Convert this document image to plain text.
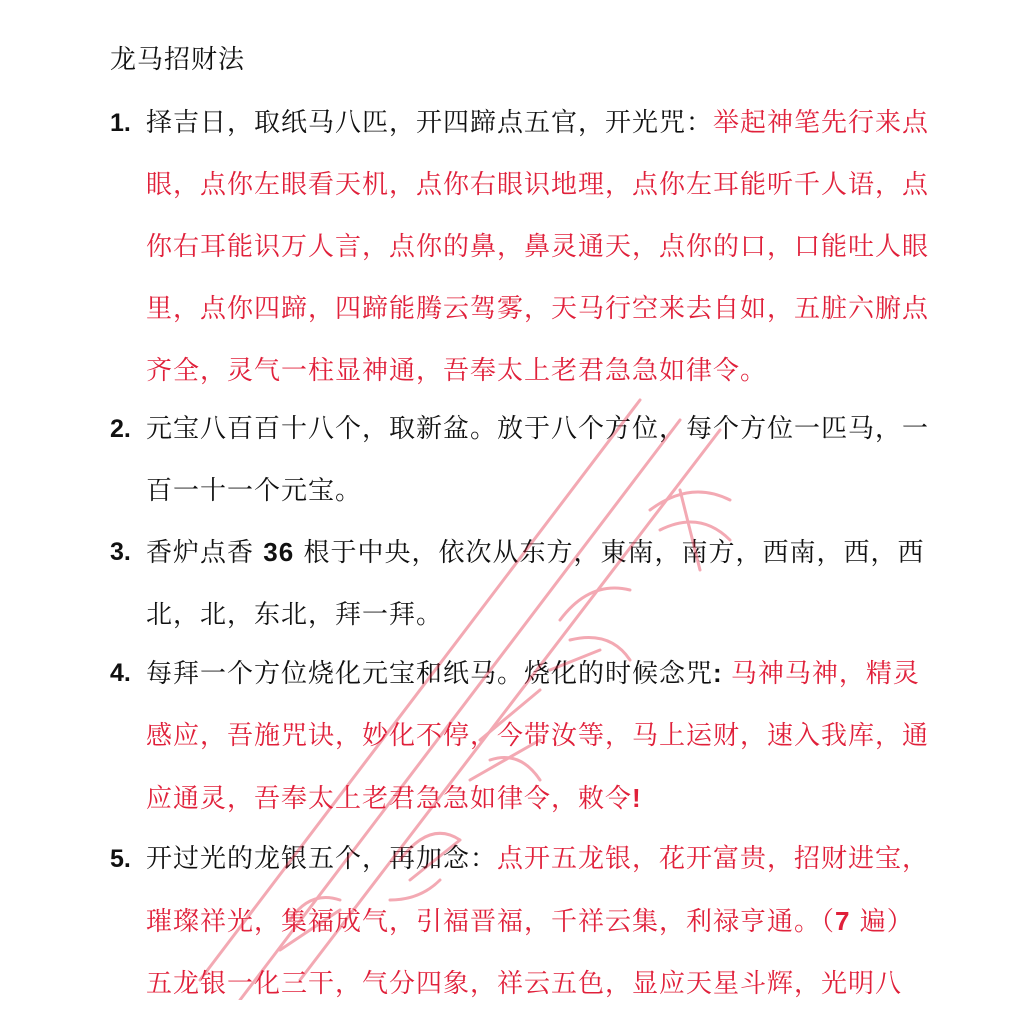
龙马招财法
1. 择吉日，取纸马八匹，开四蹄点五官，开光咒：举起神笔先行来点眼，点你左眼看天机，点你右眼识地理，点你左耳能听千人语，点你右耳能识万人言，点你的鼻，鼻灵通天，点你的口，口能吐人眼里，点你四蹄，四蹄能腾云驾雾，天马行空来去自如，五脏六腑点齐全，灵气一柱显神通，吾奉太上老君急急如律令。
2. 元宝八百百十八个，取新盆。放于八个方位，每个方位一匹马，一百一十一个元宝。
3. 香炉点香 36 根于中央，依次从东方，東南，南方，西南，西，西北，北，东北，拜一拜。
4. 每拜一个方位烧化元宝和纸马。烧化的时候念咒: 马神马神，精灵感应，吾施咒诀，妙化不停，今带汝等，马上运财，速入我库，通应通灵，吾奉太上老君急急如律令，敕令!
5. 开过光的龙银五个，再加念：点开五龙银，花开富贵，招财进宝，璀璨祥光，集福成气，引福晋福，千祥云集，利禄亨通。（7 遍）五龙银一化三干，气分四象，祥云五色，显应天星斗辉，光明八
